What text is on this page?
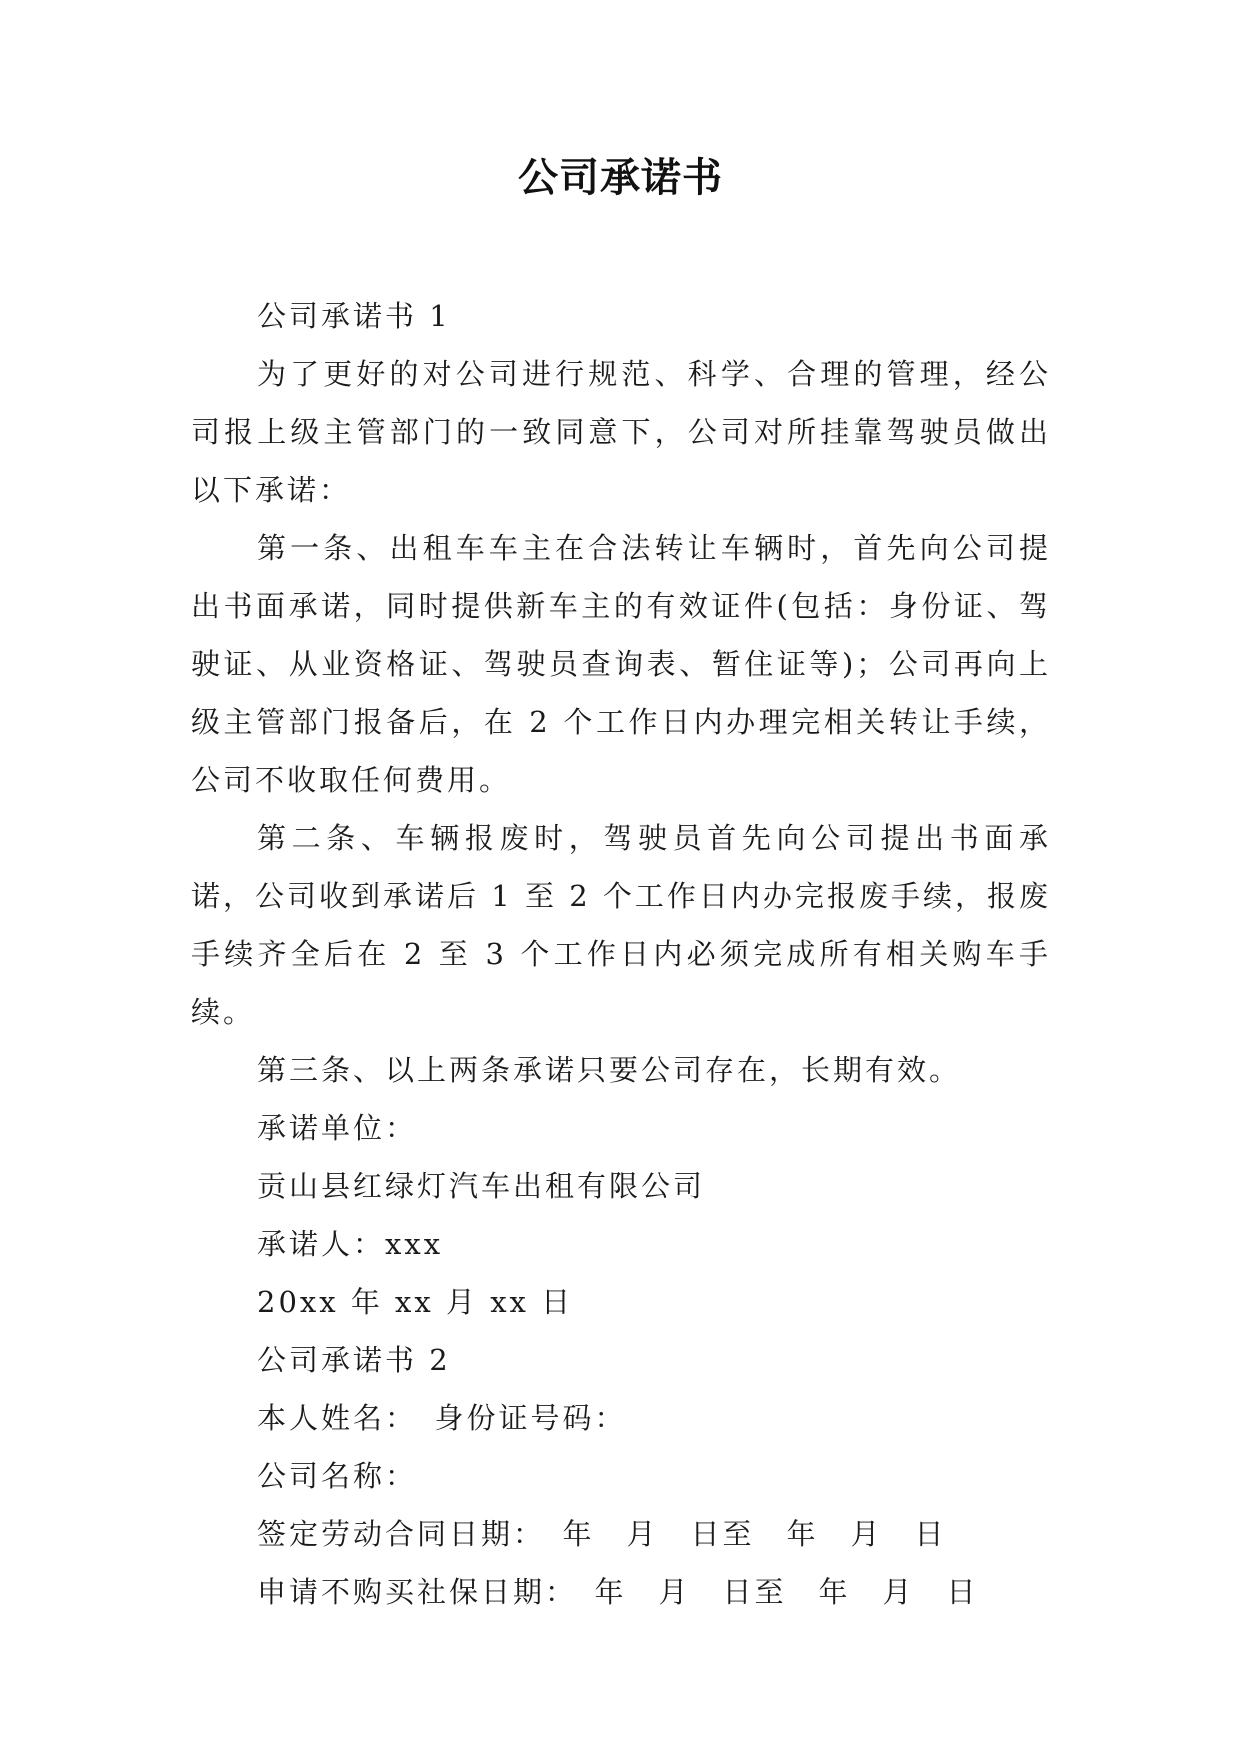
公司承诺书

公司承诺书 1

为了更好的对公司进行规范、科学、合理的管理，经公司报上级主管部门的一致同意下，公司对所挂靠驾驶员做出以下承诺：

第一条、出租车车主在合法转让车辆时，首先向公司提出书面承诺，同时提供新车主的有效证件(包括：身份证、驾驶证、从业资格证、驾驶员查询表、暂住证等)；公司再向上级主管部门报备后，在 2 个工作日内办理完相关转让手续，公司不收取任何费用。

第二条、车辆报废时，驾驶员首先向公司提出书面承诺，公司收到承诺后 1 至 2 个工作日内办完报废手续，报废手续齐全后在 2 至 3 个工作日内必须完成所有相关购车手续。

第三条、以上两条承诺只要公司存在，长期有效。

承诺单位：

贡山县红绿灯汽车出租有限公司

承诺人：xxx

20xx 年 xx 月 xx 日

公司承诺书 2

本人姓名：　身份证号码：

公司名称：

签定劳动合同日期：　年　月　日至　年　月　日

申请不购买社保日期：　年　月　日至　年　月　日
